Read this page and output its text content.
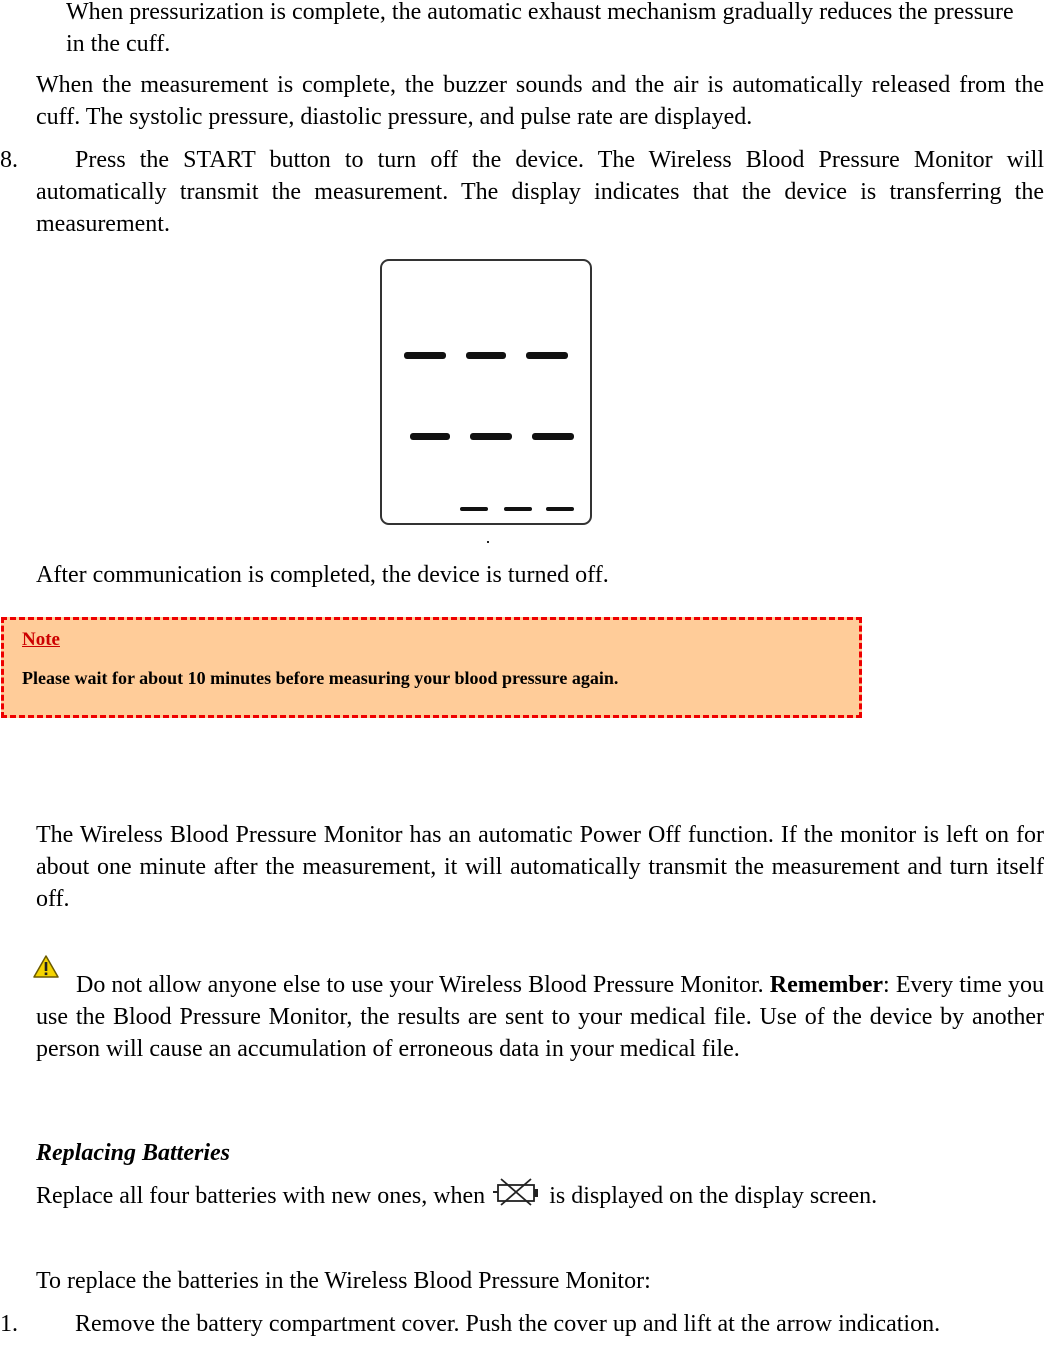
When pressurization is complete, the automatic exhaust mechanism gradually reduces the pressure in the cuff.

When the measurement is complete, the buzzer sounds and the air is automatically released from the cuff. The systolic pressure, diastolic pressure, and pulse rate are displayed.

8.	Press the START button to turn off the device. The Wireless Blood Pressure Monitor will automatically transmit the measurement. The display indicates that the device is transferring the measurement.

After communication is completed, the device is turned off.

Note
Please wait for about 10 minutes before measuring your blood pressure again.

The Wireless Blood Pressure Monitor has an automatic Power Off function. If the monitor is left on for about one minute after the measurement, it will automatically transmit the measurement and turn itself off.

Do not allow anyone else to use your Wireless Blood Pressure Monitor. Remember: Every time you use the Blood Pressure Monitor, the results are sent to your medical file. Use of the device by another person will cause an accumulation of erroneous data in your medical file.

Replacing Batteries

Replace all four batteries with new ones, when	is displayed on the display screen.

To replace the batteries in the Wireless Blood Pressure Monitor:

1.	Remove the battery compartment cover. Push the cover up and lift at the arrow indication.
